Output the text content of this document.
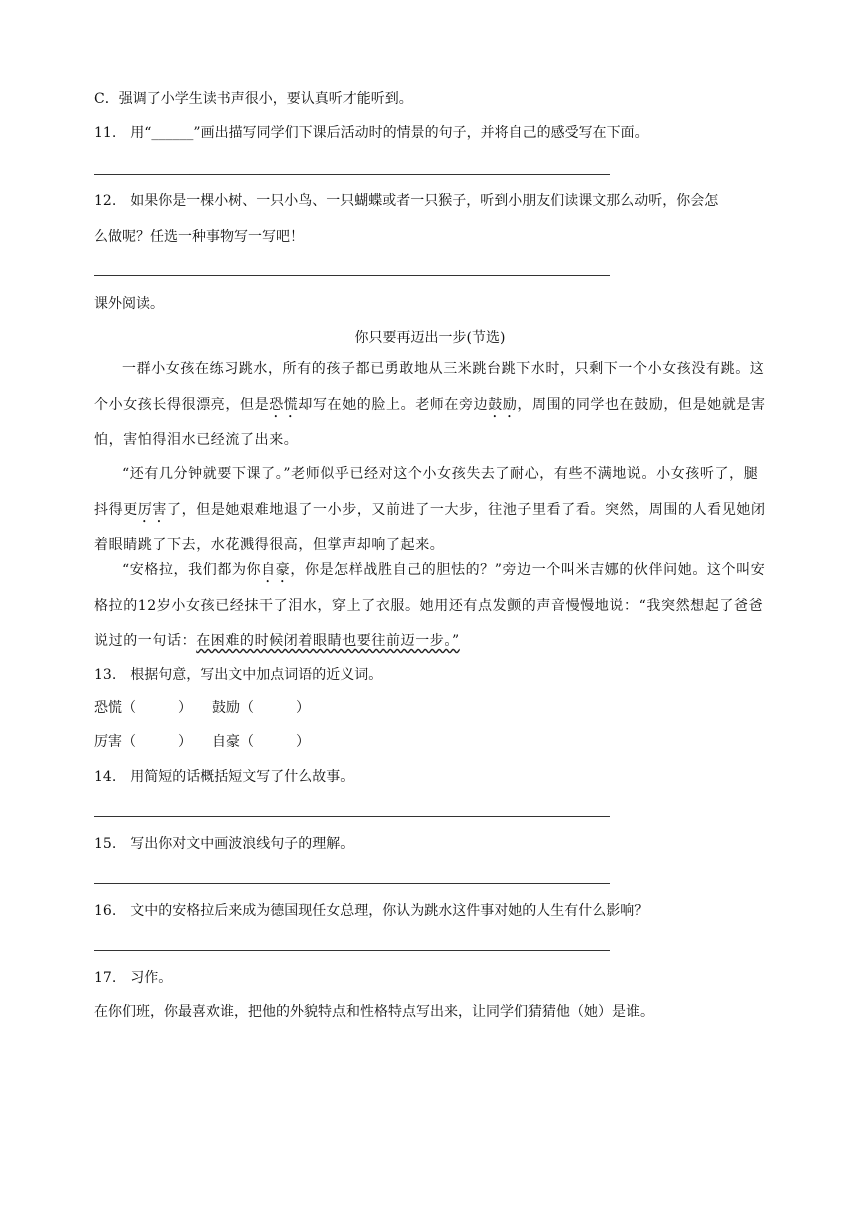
C．强调了小学生读书声很小，要认真听才能听到。
11.　用“______”画出描写同学们下课后活动时的情景的句子，并将自己的感受写在下面。
12.　如果你是一棵小树、一只小鸟、一只蝴蝶或者一只猴子，听到小朋友们读课文那么动听，你会怎
么做呢？任选一种事物写一写吧！
课外阅读。
你只要再迈出一步(节选)
一群小女孩在练习跳水，所有的孩子都已勇敢地从三米跳台跳下水时，只剩下一个小女孩没有跳。这个小女孩长得很漂亮，但是恐慌却写在她的脸上。老师在旁边鼓励，周围的同学也在鼓励，但是她就是害怕，害怕得泪水已经流了出来。
“还有几分钟就要下课了。”老师似乎已经对这个小女孩失去了耐心，有些不满地说。小女孩听了，腿抖得更厉害了，但是她艰难地退了一小步，又前进了一大步，往池子里看了看。突然，周围的人看见她闭着眼睛跳了下去，水花溅得很高，但掌声却响了起来。
“安格拉，我们都为你自豪，你是怎样战胜自己的胆怯的？”旁边一个叫米吉娜的伙伴问她。这个叫安格拉的12岁小女孩已经抹干了泪水，穿上了衣服。她用还有点发颤的声音慢慢地说：“我突然想起了爸爸说过的一句话：在困难的时候闭着眼睛也要往前迈一步。”
13.　根据句意，写出文中加点词语的近义词。
恐慌（　　　） 鼓励（　　　）
厉害（　　　） 自豪（　　　）
14.　用简短的话概括短文写了什么故事。
15.　写出你对文中画波浪线句子的理解。
16.　文中的安格拉后来成为德国现任女总理，你认为跳水这件事对她的人生有什么影响？
17.　习作。
在你们班，你最喜欢谁，把他的外貌特点和性格特点写出来，让同学们猜猜他（她）是谁。
